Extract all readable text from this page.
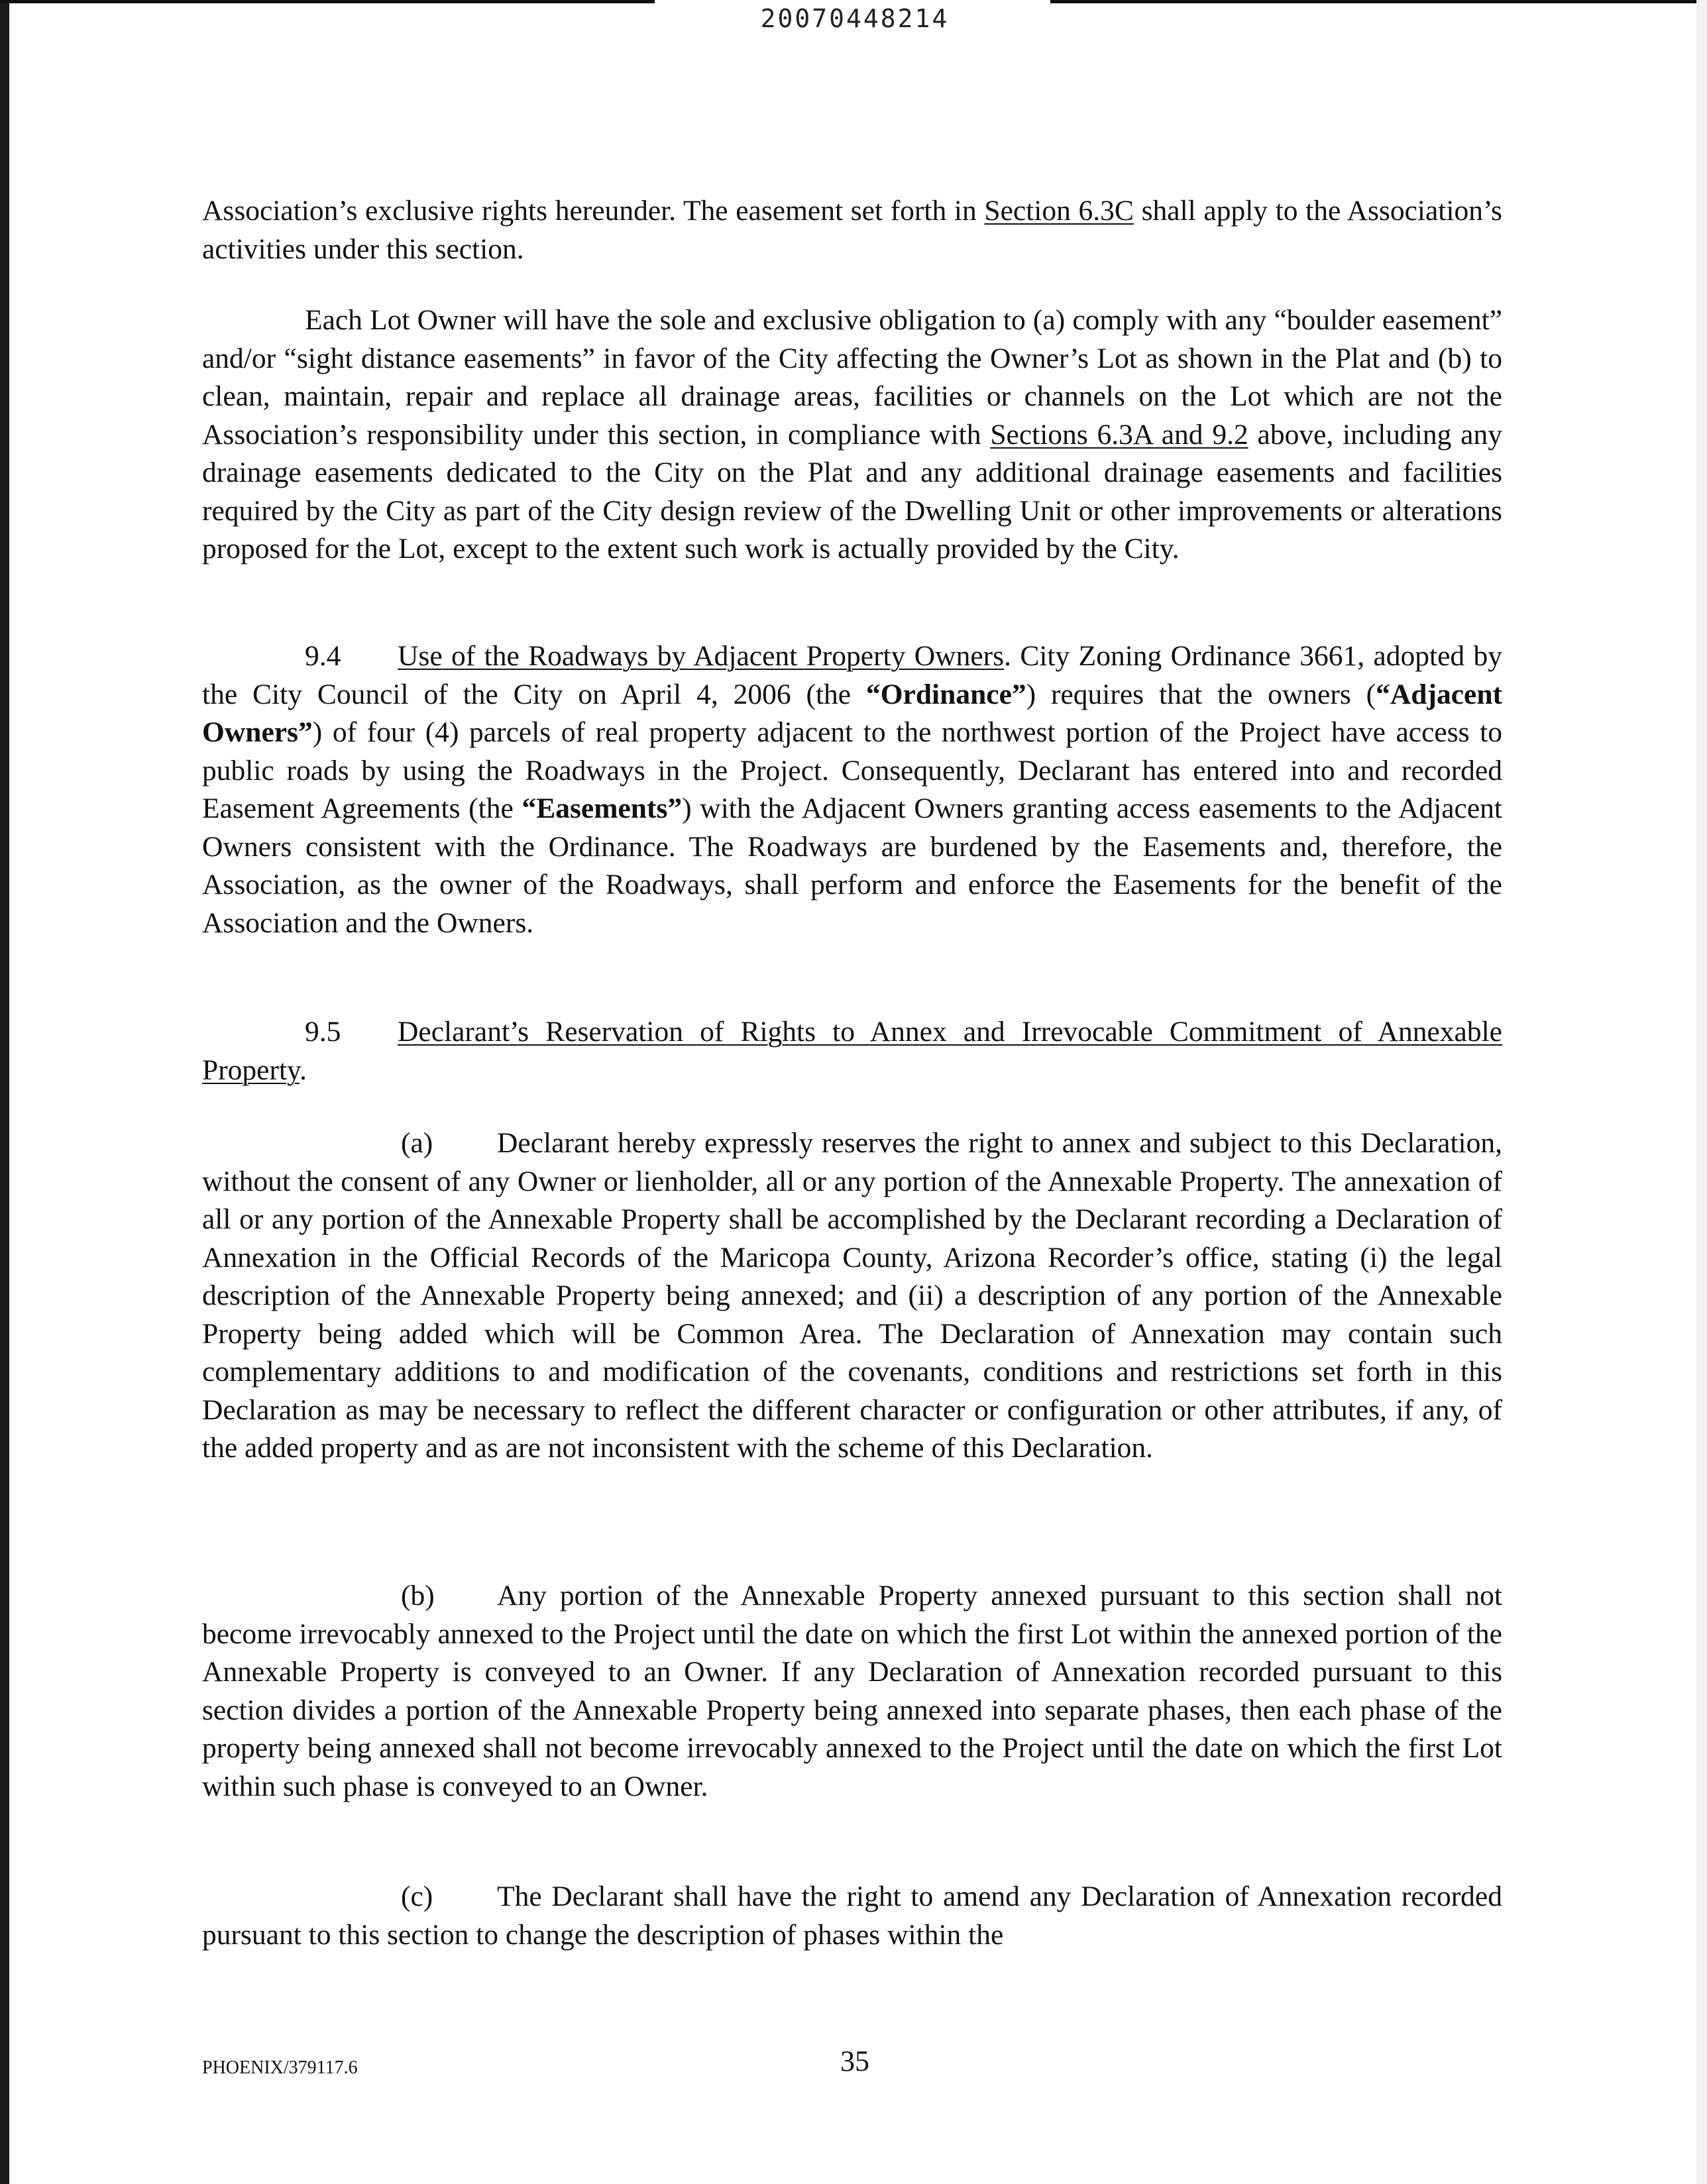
20070448214

Association’s exclusive rights hereunder. The easement set forth in Section 6.3C shall apply to the Association’s activities under this section.

Each Lot Owner will have the sole and exclusive obligation to (a) comply with any “boulder easement” and/or “sight distance easements” in favor of the City affecting the Owner’s Lot as shown in the Plat and (b) to clean, maintain, repair and replace all drainage areas, facilities or channels on the Lot which are not the Association’s responsibility under this section, in compliance with Sections 6.3A and 9.2 above, including any drainage easements dedicated to the City on the Plat and any additional drainage easements and facilities required by the City as part of the City design review of the Dwelling Unit or other improvements or alterations proposed for the Lot, except to the extent such work is actually provided by the City.

9.4 Use of the Roadways by Adjacent Property Owners. City Zoning Ordinance 3661, adopted by the City Council of the City on April 4, 2006 (the “Ordinance”) requires that the owners (“Adjacent Owners”) of four (4) parcels of real property adjacent to the northwest portion of the Project have access to public roads by using the Roadways in the Project. Consequently, Declarant has entered into and recorded Easement Agreements (the “Easements”) with the Adjacent Owners granting access easements to the Adjacent Owners consistent with the Ordinance. The Roadways are burdened by the Easements and, therefore, the Association, as the owner of the Roadways, shall perform and enforce the Easements for the benefit of the Association and the Owners.

9.5 Declarant’s Reservation of Rights to Annex and Irrevocable Commitment of Annexable Property.

(a) Declarant hereby expressly reserves the right to annex and subject to this Declaration, without the consent of any Owner or lienholder, all or any portion of the Annexable Property. The annexation of all or any portion of the Annexable Property shall be accomplished by the Declarant recording a Declaration of Annexation in the Official Records of the Maricopa County, Arizona Recorder’s office, stating (i) the legal description of the Annexable Property being annexed; and (ii) a description of any portion of the Annexable Property being added which will be Common Area. The Declaration of Annexation may contain such complementary additions to and modification of the covenants, conditions and restrictions set forth in this Declaration as may be necessary to reflect the different character or configuration or other attributes, if any, of the added property and as are not inconsistent with the scheme of this Declaration.

(b) Any portion of the Annexable Property annexed pursuant to this section shall not become irrevocably annexed to the Project until the date on which the first Lot within the annexed portion of the Annexable Property is conveyed to an Owner. If any Declaration of Annexation recorded pursuant to this section divides a portion of the Annexable Property being annexed into separate phases, then each phase of the property being annexed shall not become irrevocably annexed to the Project until the date on which the first Lot within such phase is conveyed to an Owner.

(c) The Declarant shall have the right to amend any Declaration of Annexation recorded pursuant to this section to change the description of phases within the

PHOENIX/379117.6	35
